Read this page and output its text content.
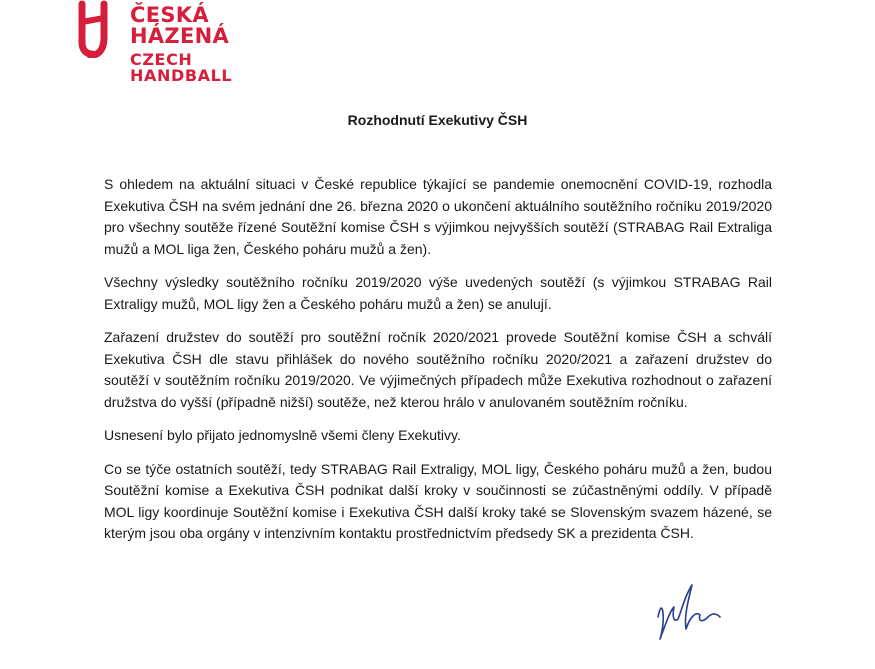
ČESKÁ HÁZENÁ
CZECH HANDBALL
Rozhodnutí Exekutivy ČSH

S ohledem na aktuální situaci v České republice týkající se pandemie onemocnění COVID-19, rozhodla Exekutiva ČSH na svém jednání dne 26. března 2020 o ukončení aktuálního soutěžního ročníku 2019/2020 pro všechny soutěže řízené Soutěžní komise ČSH s výjimkou nejvyšších soutěží (STRABAG Rail Extraliga mužů a MOL liga žen, Českého poháru mužů a žen).

Všechny výsledky soutěžního ročníku 2019/2020 výše uvedených soutěží (s výjimkou STRABAG Rail Extraligy mužů, MOL ligy žen a Českého poháru mužů a žen) se anulují.

Zařazení družstev do soutěží pro soutěžní ročník 2020/2021 provede Soutěžní komise ČSH a schválí Exekutiva ČSH dle stavu přihlášek do nového soutěžního ročníku 2020/2021 a zařazení družstev do soutěží v soutěžním ročníku 2019/2020. Ve výjimečných případech může Exekutiva rozhodnout o zařazení družstva do vyšší (případně nižší) soutěže, než kterou hrálo v anulovaném soutěžním ročníku.

Usnesení bylo přijato jednomyslně všemi členy Exekutivy.

Co se týče ostatních soutěží, tedy STRABAG Rail Extraligy, MOL ligy, Českého poháru mužů a žen, budou Soutěžní komise a Exekutiva ČSH podnikat další kroky v součinnosti se zúčastněnými oddíly. V případě MOL ligy koordinuje Soutěžní komise i Exekutiva ČSH další kroky také se Slovenským svazem házené, se kterým jsou oba orgány v intenzivním kontaktu prostřednictvím předsedy SK a prezidenta ČSH.
